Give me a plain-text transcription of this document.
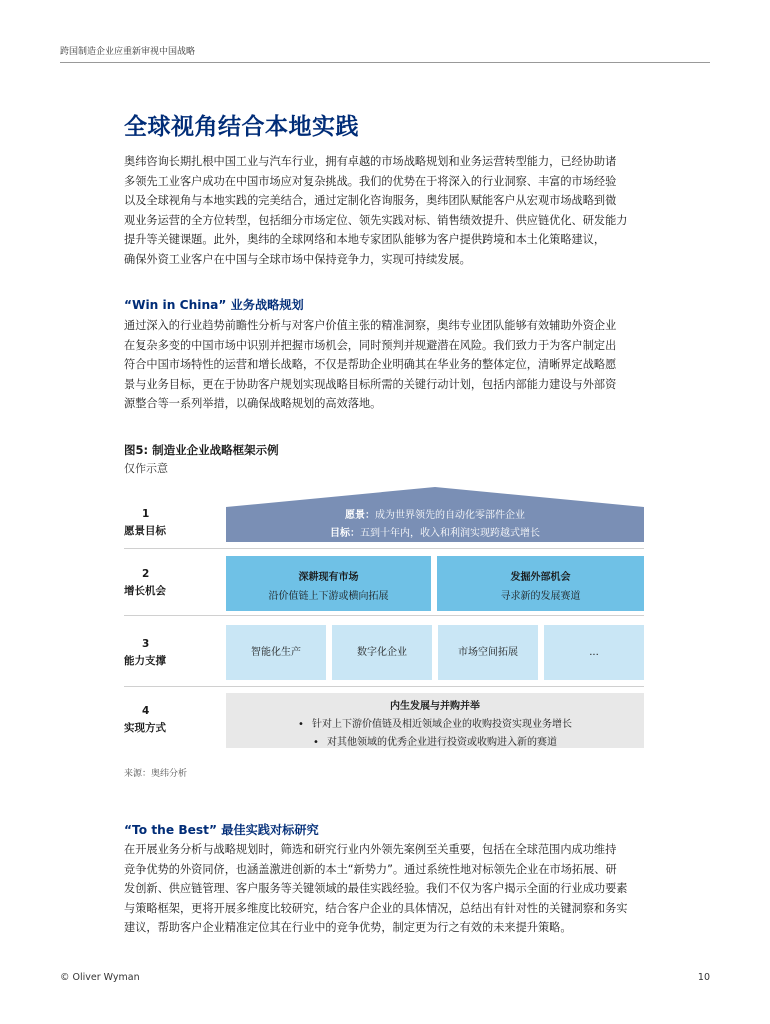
跨国制造企业应重新审视中国战略
全球视角结合本地实践
奥纬咨询长期扎根中国工业与汽车行业，拥有卓越的市场战略规划和业务运营转型能力，已经协助诸
多领先工业客户成功在中国市场应对复杂挑战。我们的优势在于将深入的行业洞察、丰富的市场经验
以及全球视角与本地实践的完美结合，通过定制化咨询服务，奥纬团队赋能客户从宏观市场战略到微
观业务运营的全方位转型，包括细分市场定位、领先实践对标、销售绩效提升、供应链优化、研发能力
提升等关键课题。此外，奥纬的全球网络和本地专家团队能够为客户提供跨境和本土化策略建议，
确保外资工业客户在中国与全球市场中保持竞争力，实现可持续发展。
“Win in China” 业务战略规划
通过深入的行业趋势前瞻性分析与对客户价值主张的精准洞察，奥纬专业团队能够有效辅助外资企业
在复杂多变的中国市场中识别并把握市场机会，同时预判并规避潜在风险。我们致力于为客户制定出
符合中国市场特性的运营和增长战略，不仅是帮助企业明确其在华业务的整体定位，清晰界定战略愿
景与业务目标，更在于协助客户规划实现战略目标所需的关键行动计划，包括内部能力建设与外部资
源整合等一系列举措，以确保战略规划的高效落地。
图5: 制造业企业战略框架示例
仅作示意
1
愿景目标
2
增长机会
3
能力支撑
4
实现方式
愿景：成为世界领先的自动化零部件企业
目标：五到十年内，收入和利润实现跨越式增长
深耕现有市场
沿价值链上下游或横向拓展
发掘外部机会
寻求新的发展赛道
智能化生产	数字化企业	市场空间拓展	...
内生发展与并购并举
• 针对上下游价值链及相近领域企业的收购投资实现业务增长
• 对其他领域的优秀企业进行投资或收购进入新的赛道
来源：奥纬分析
“To the Best” 最佳实践对标研究
在开展业务分析与战略规划时，筛选和研究行业内外领先案例至关重要，包括在全球范围内成功维持
竞争优势的外资同侪，也涵盖激进创新的本土“新势力”。通过系统性地对标领先企业在市场拓展、研
发创新、供应链管理、客户服务等关键领域的最佳实践经验。我们不仅为客户揭示全面的行业成功要素
与策略框架，更将开展多维度比较研究，结合客户企业的具体情况，总结出有针对性的关键洞察和务实
建议，帮助客户企业精准定位其在行业中的竞争优势，制定更为行之有效的未来提升策略。
© Oliver Wyman	10
